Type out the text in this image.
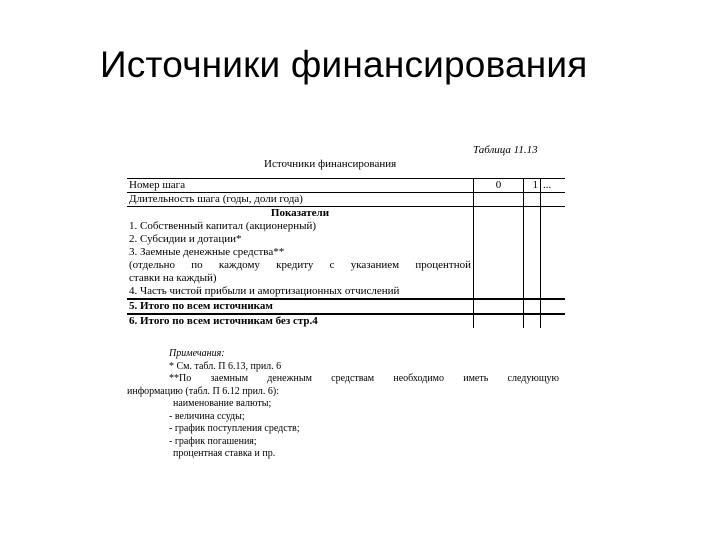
Источники финансирования
Таблица 11.13
Источники финансирования
Номер шага	0	1	...
Длительность шага (годы, доли года)			
Показатели			
1. Собственный капитал (акционерный)			
2. Субсидии и дотации*			
3. Заемные денежные средства**			
(отдельно по каждому кредиту с указанием процентной			
ставки на каждый)			
4. Часть чистой прибыли и амортизационных отчислений			
5. Итого по всем источникам			
6. Итого по всем источникам без стр.4			
Примечания:
* См. табл. П 6.13, прил. 6
**По заемным денежным средствам необходимо иметь следующую
информацию (табл. П 6.12 прил. 6):
наименование валюты;
- величина ссуды;
- график поступления средств;
- график погашения;
процентная ставка и пр.
